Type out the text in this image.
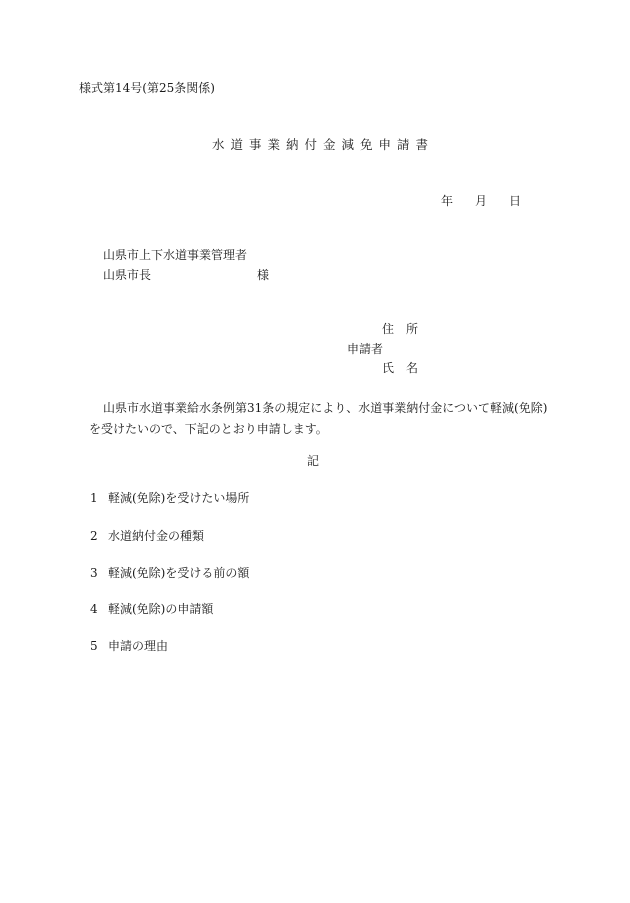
様式第14号(第25条関係)
水道事業納付金減免申請書
年 月 日
山県市上下水道事業管理者
山県市長	様
住　所
申請者
氏　名
山県市水道事業給水条例第31条の規定により、水道事業納付金について軽減(免除)を受けたいので、下記のとおり申請します。
記
1 軽減(免除)を受けたい場所
2 水道納付金の種類
3 軽減(免除)を受ける前の額
4 軽減(免除)の申請額
5 申請の理由
